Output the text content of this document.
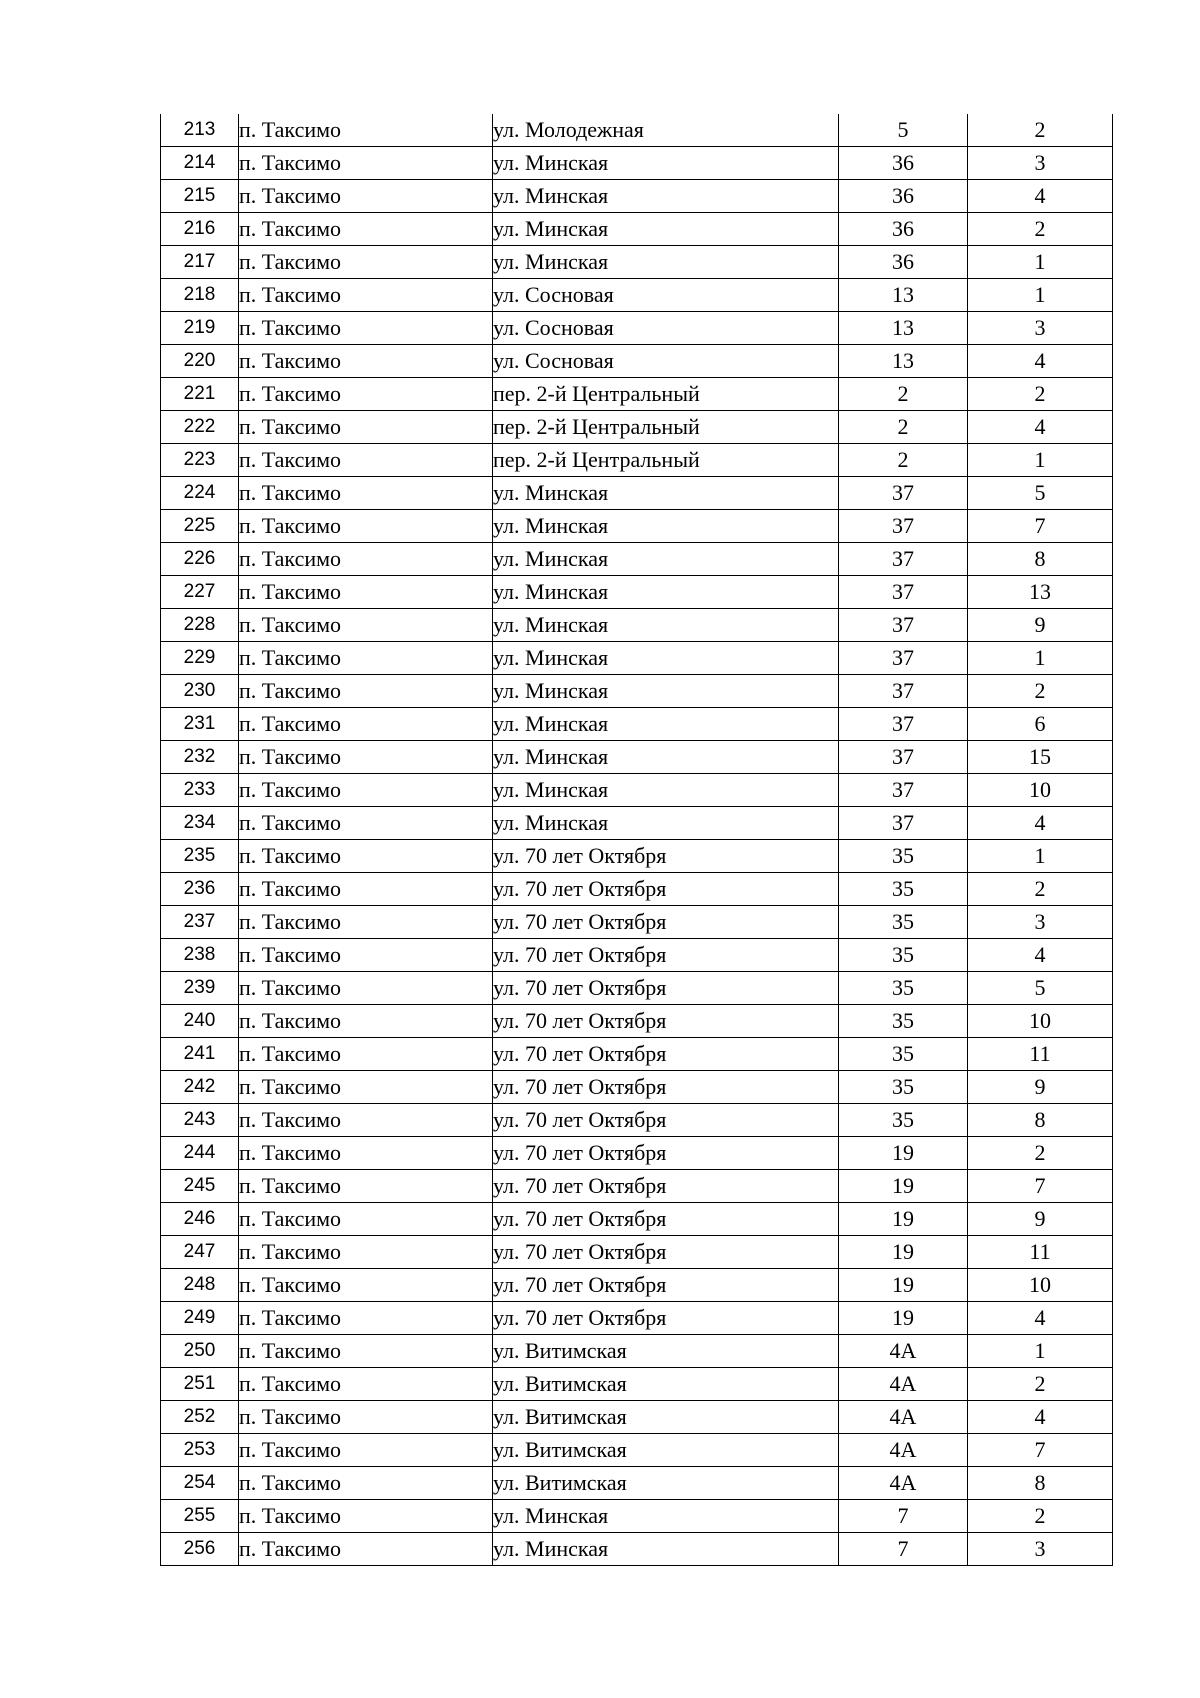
213	п. Таксимо	ул. Молодежная	5	2
214	п. Таксимо	ул. Минская	36	3
215	п. Таксимо	ул. Минская	36	4
216	п. Таксимо	ул. Минская	36	2
217	п. Таксимо	ул. Минская	36	1
218	п. Таксимо	ул. Сосновая	13	1
219	п. Таксимо	ул. Сосновая	13	3
220	п. Таксимо	ул. Сосновая	13	4
221	п. Таксимо	пер. 2-й Центральный	2	2
222	п. Таксимо	пер. 2-й Центральный	2	4
223	п. Таксимо	пер. 2-й Центральный	2	1
224	п. Таксимо	ул. Минская	37	5
225	п. Таксимо	ул. Минская	37	7
226	п. Таксимо	ул. Минская	37	8
227	п. Таксимо	ул. Минская	37	13
228	п. Таксимо	ул. Минская	37	9
229	п. Таксимо	ул. Минская	37	1
230	п. Таксимо	ул. Минская	37	2
231	п. Таксимо	ул. Минская	37	6
232	п. Таксимо	ул. Минская	37	15
233	п. Таксимо	ул. Минская	37	10
234	п. Таксимо	ул. Минская	37	4
235	п. Таксимо	ул. 70 лет Октября	35	1
236	п. Таксимо	ул. 70 лет Октября	35	2
237	п. Таксимо	ул. 70 лет Октября	35	3
238	п. Таксимо	ул. 70 лет Октября	35	4
239	п. Таксимо	ул. 70 лет Октября	35	5
240	п. Таксимо	ул. 70 лет Октября	35	10
241	п. Таксимо	ул. 70 лет Октября	35	11
242	п. Таксимо	ул. 70 лет Октября	35	9
243	п. Таксимо	ул. 70 лет Октября	35	8
244	п. Таксимо	ул. 70 лет Октября	19	2
245	п. Таксимо	ул. 70 лет Октября	19	7
246	п. Таксимо	ул. 70 лет Октября	19	9
247	п. Таксимо	ул. 70 лет Октября	19	11
248	п. Таксимо	ул. 70 лет Октября	19	10
249	п. Таксимо	ул. 70 лет Октября	19	4
250	п. Таксимо	ул. Витимская	4А	1
251	п. Таксимо	ул. Витимская	4А	2
252	п. Таксимо	ул. Витимская	4А	4
253	п. Таксимо	ул. Витимская	4А	7
254	п. Таксимо	ул. Витимская	4А	8
255	п. Таксимо	ул. Минская	7	2
256	п. Таксимо	ул. Минская	7	3
